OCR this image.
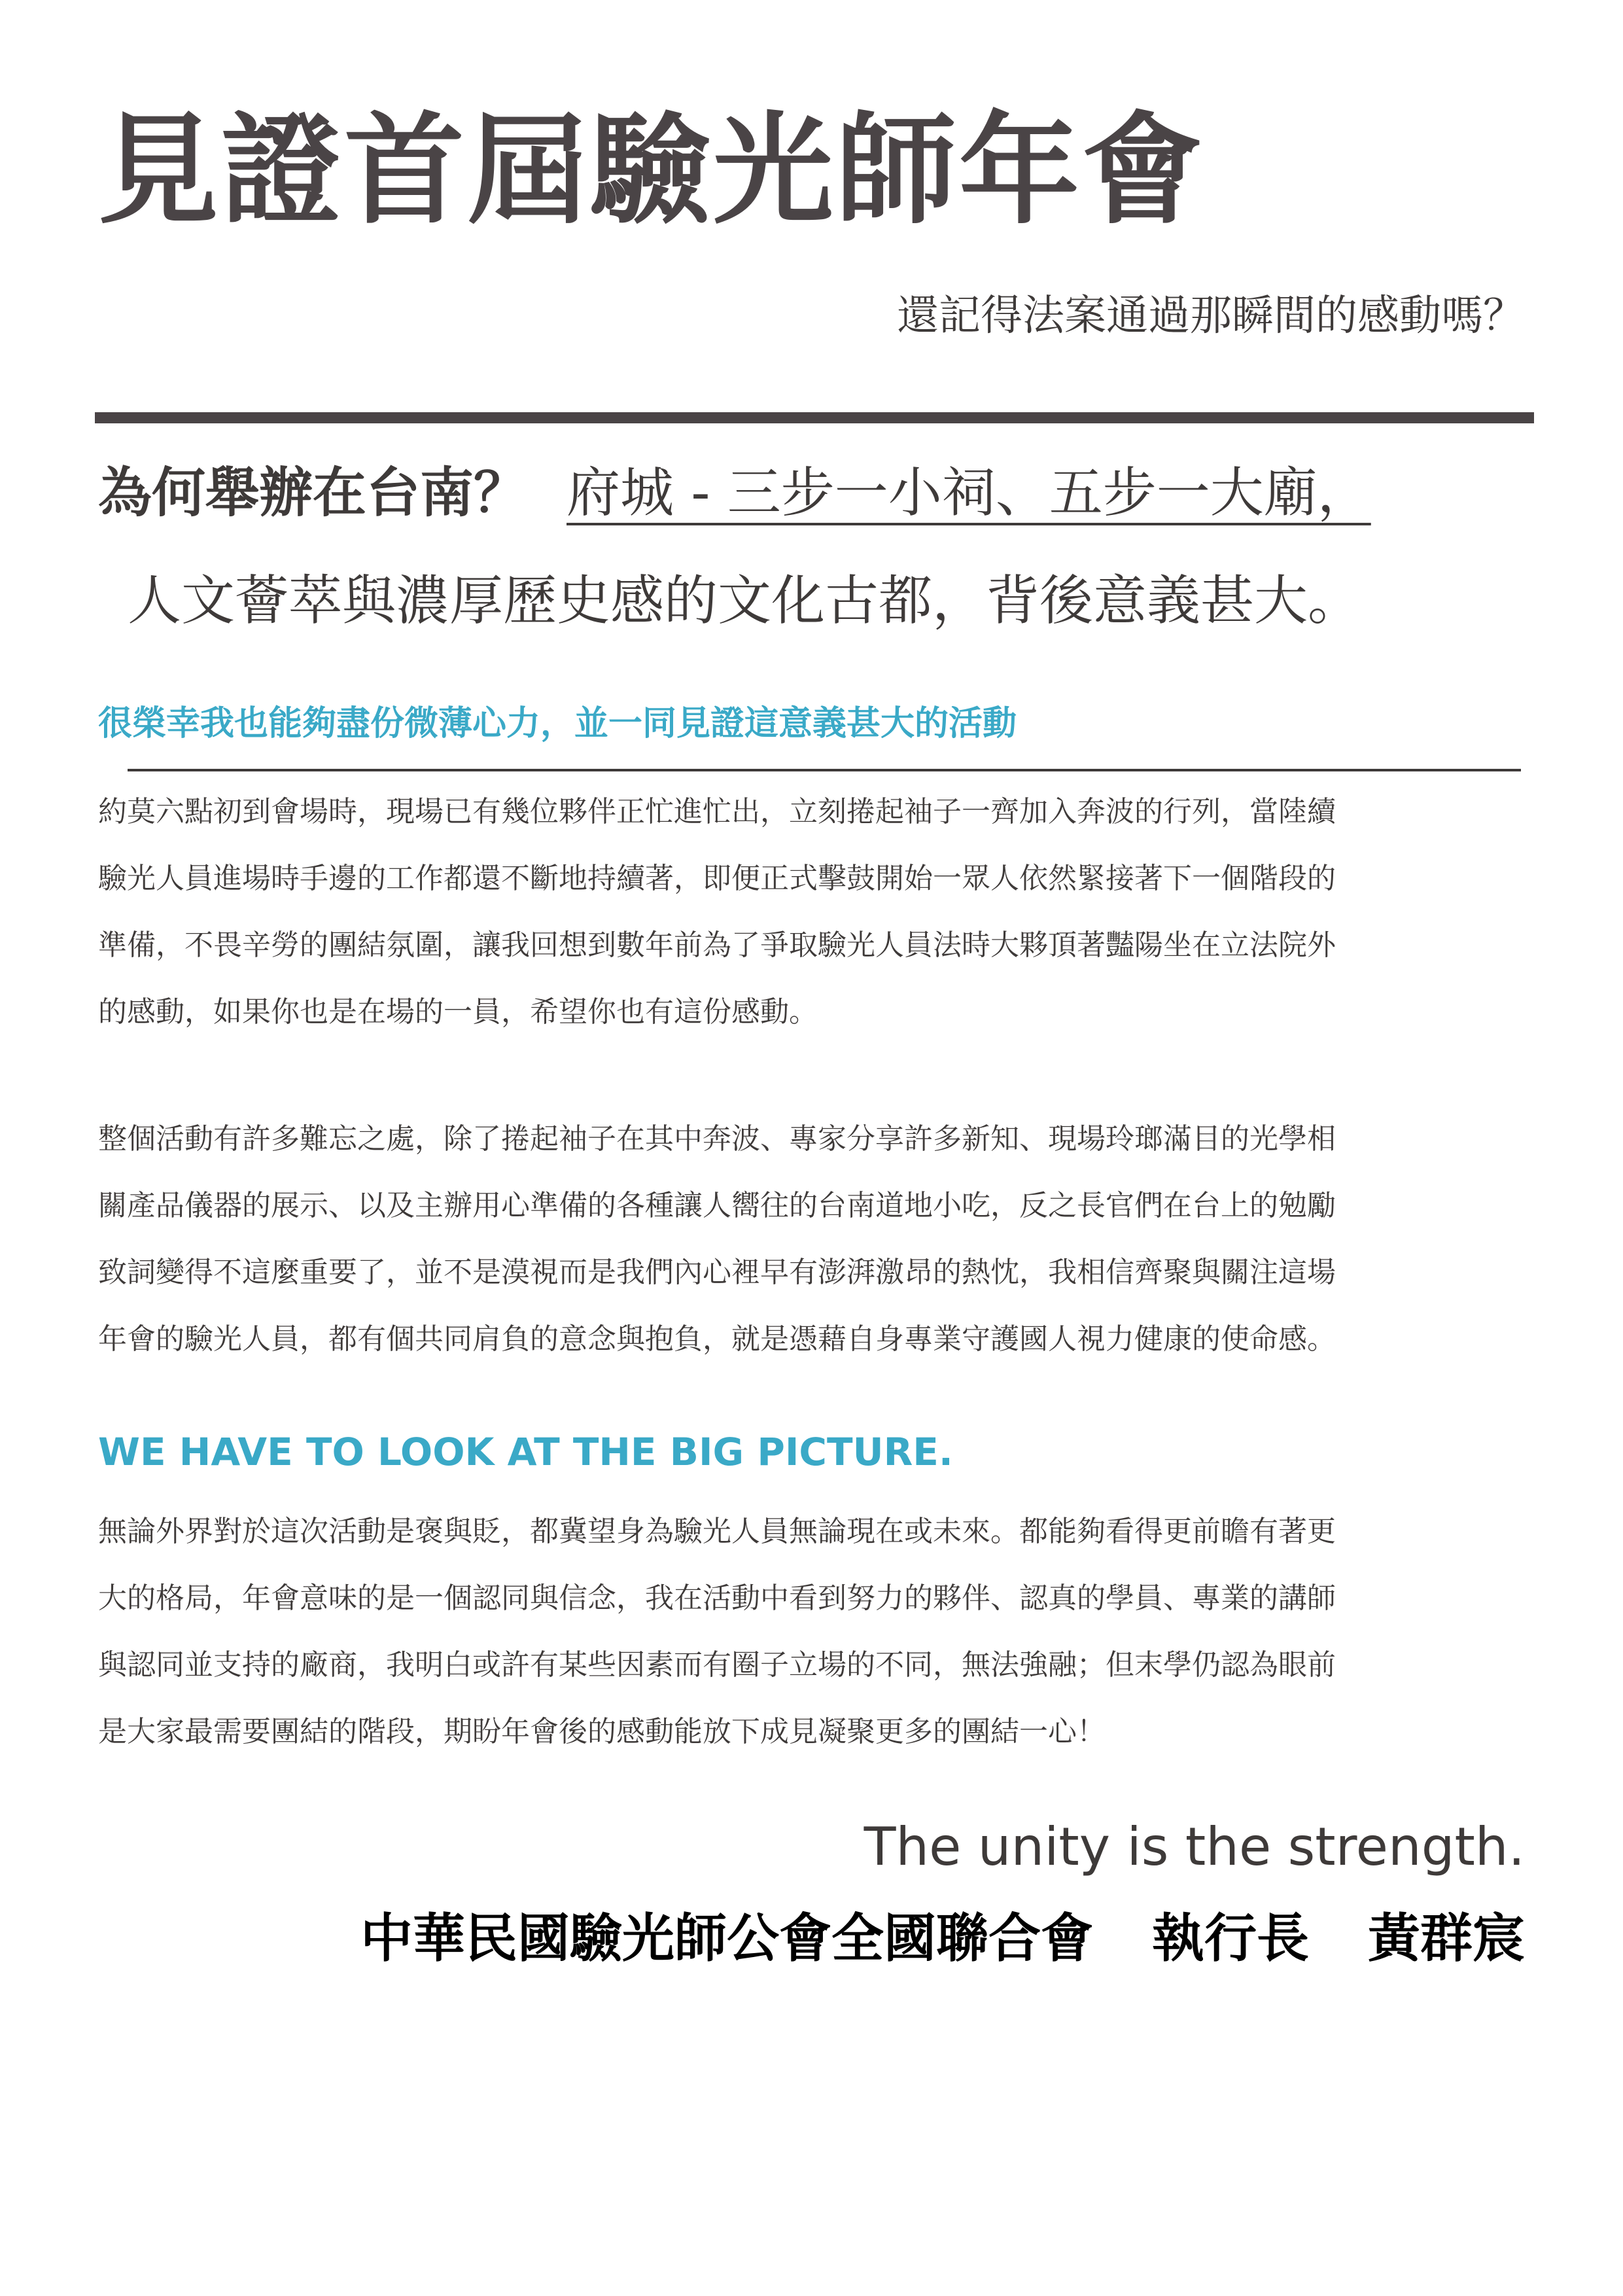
見證首屆驗光師年會
還記得法案通過那瞬間的感動嗎？
為何舉辦在台南？ 府城 - 三步一小祠、五步一大廟，
人文薈萃與濃厚歷史感的文化古都，背後意義甚大。
很榮幸我也能夠盡份微薄心力，並一同見證這意義甚大的活動
約莫六點初到會場時，現場已有幾位夥伴正忙進忙出，立刻捲起袖子一齊加入奔波的行列，當陸續
驗光人員進場時手邊的工作都還不斷地持續著，即便正式擊鼓開始一眾人依然緊接著下一個階段的
準備，不畏辛勞的團結氛圍，讓我回想到數年前為了爭取驗光人員法時大夥頂著豔陽坐在立法院外
的感動，如果你也是在場的一員，希望你也有這份感動。
整個活動有許多難忘之處，除了捲起袖子在其中奔波、專家分享許多新知、現場玲瑯滿目的光學相
關產品儀器的展示、以及主辦用心準備的各種讓人嚮往的台南道地小吃，反之長官們在台上的勉勵
致詞變得不這麼重要了，並不是漠視而是我們內心裡早有澎湃激昂的熱忱，我相信齊聚與關注這場
年會的驗光人員，都有個共同肩負的意念與抱負，就是憑藉自身專業守護國人視力健康的使命感。
WE HAVE TO LOOK AT THE BIG PICTURE.
無論外界對於這次活動是褒與貶，都冀望身為驗光人員無論現在或未來。都能夠看得更前瞻有著更
大的格局，年會意味的是一個認同與信念，我在活動中看到努力的夥伴、認真的學員、專業的講師
與認同並支持的廠商，我明白或許有某些因素而有圈子立場的不同，無法強融；但末學仍認為眼前
是大家最需要團結的階段，期盼年會後的感動能放下成見凝聚更多的團結一心！
The unity is the strength.
中華民國驗光師公會全國聯合會 執行長 黃群宸
